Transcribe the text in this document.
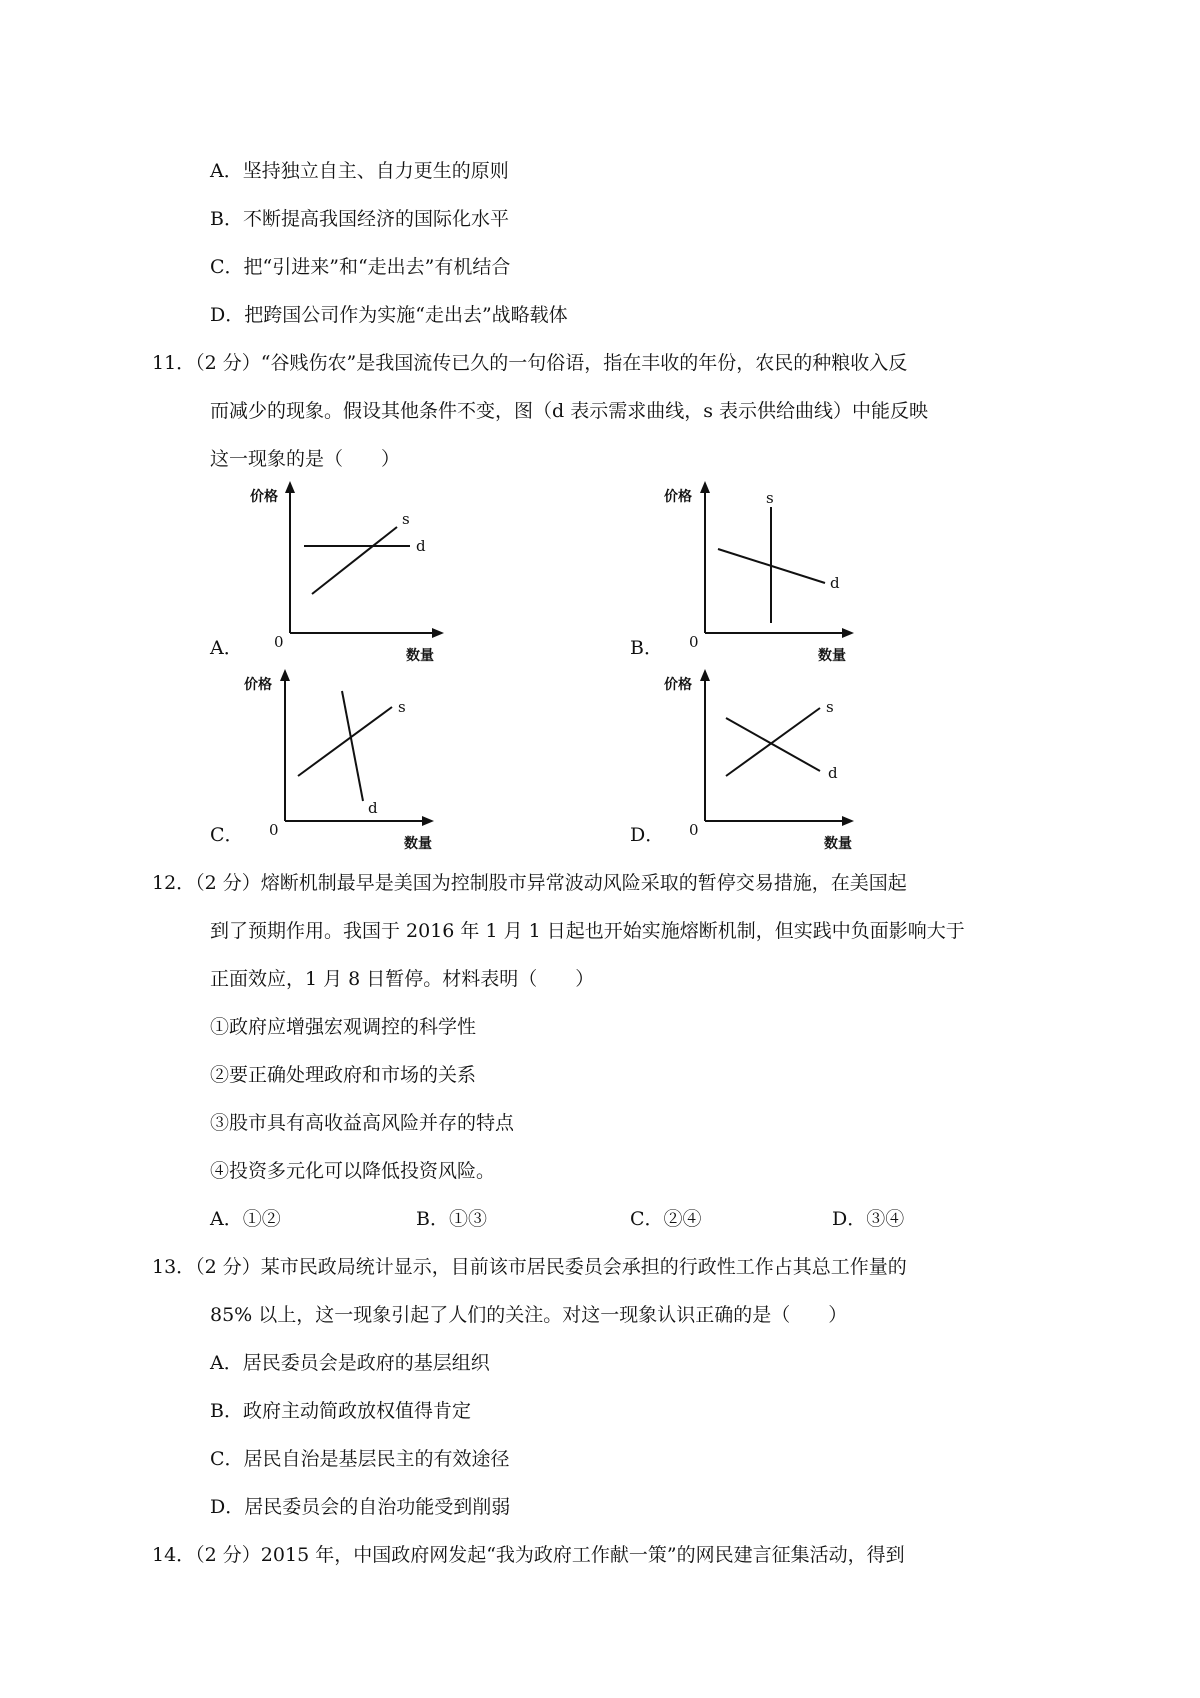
A．坚持独立自主、自力更生的原则
B．不断提高我国经济的国际化水平
C．把“引进来”和“走出去”有机结合
D．把跨国公司作为实施“走出去”战略载体
11．（2 分）“谷贱伤农”是我国流传已久的一句俗语，指在丰收的年份，农民的种粮收入反
而减少的现象。假设其他条件不变，图（d 表示需求曲线，s 表示供给曲线）中能反映
这一现象的是（　　）
A．
价格
数量
0
s
d
B．
价格
数量
0
s
d
C．
价格
数量
0
s
d
D．
价格
数量
0
s
d
12．（2 分）熔断机制最早是美国为控制股市异常波动风险采取的暂停交易措施，在美国起
到了预期作用。我国于 2016 年 1 月 1 日起也开始实施熔断机制，但实践中负面影响大于
正面效应，1 月 8 日暂停。材料表明（　　）
①政府应增强宏观调控的科学性
②要正确处理政府和市场的关系
③股市具有高收益高风险并存的特点
④投资多元化可以降低投资风险。
A．①②	B．①③	C．②④	D．③④
13．（2 分）某市民政局统计显示，目前该市居民委员会承担的行政性工作占其总工作量的
85% 以上，这一现象引起了人们的关注。对这一现象认识正确的是（　　）
A．居民委员会是政府的基层组织
B．政府主动简政放权值得肯定
C．居民自治是基层民主的有效途径
D．居民委员会的自治功能受到削弱
14．（2 分）2015 年，中国政府网发起“我为政府工作献一策”的网民建言征集活动，得到
